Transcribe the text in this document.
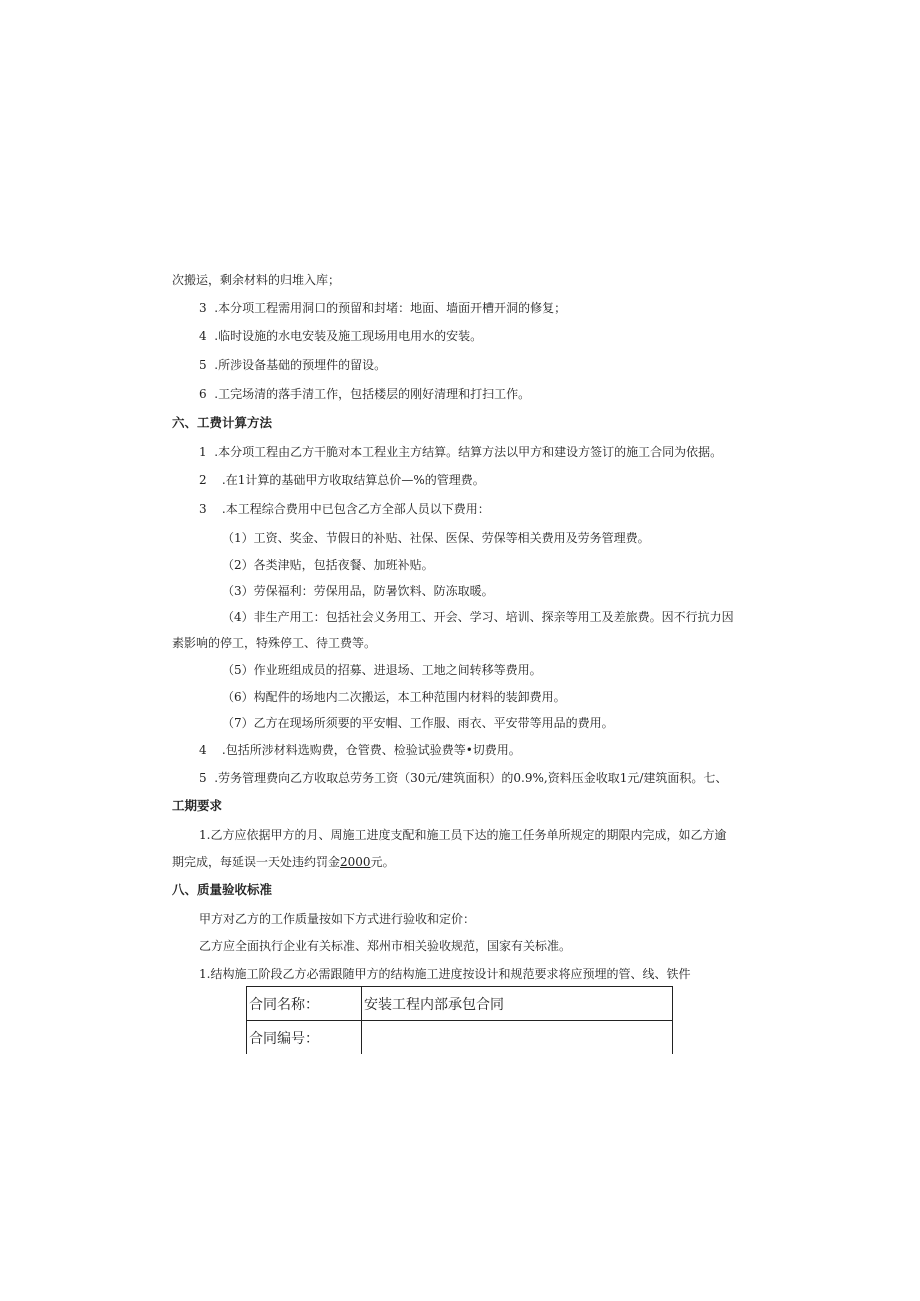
次搬运，剩余材料的归堆入库；
3 .本分项工程需用洞口的预留和封堵：地面、墙面开槽开洞的修复；
4 .临时设施的水电安装及施工现场用电用水的安装。
5 .所涉设备基础的预埋件的留设。
6 .工完场清的落手清工作，包括楼层的刚好清理和打扫工作。
六、工费计算方法
1 .本分项工程由乙方干脆对本工程业主方结算。结算方法以甲方和建设方签订的施工合同为依据。
2 .在1计算的基础甲方收取结算总价—%的管理费。
3 .本工程综合费用中已包含乙方全部人员以下费用：
（1）工资、奖金、节假日的补贴、社保、医保、劳保等相关费用及劳务管理费。
（2）各类津贴，包括夜餐、加班补贴。
（3）劳保福利：劳保用品，防暑饮料、防冻取暖。
（4）非生产用工：包括社会义务用工、开会、学习、培训、探亲等用工及差旅费。因不行抗力因
素影响的停工，特殊停工、待工费等。
（5）作业班组成员的招募、进退场、工地之间转移等费用。
（6）构配件的场地内二次搬运，本工种范围内材料的装卸费用。
（7）乙方在现场所须要的平安帽、工作服、雨衣、平安带等用品的费用。
4 .包括所涉材料选购费，仓管费、检验试验费等•切费用。
5 .劳务管理费向乙方收取总劳务工资（30元/建筑面积）的0.9%,资料压金收取1元/建筑面积。七、
工期要求
1.乙方应依据甲方的月、周施工进度支配和施工员下达的施工任务单所规定的期限内完成，如乙方逾
期完成，每延误一天处违约罚金2000元。
八、质量验收标准
甲方对乙方的工作质量按如下方式进行验收和定价：
乙方应全面执行企业有关标准、郑州市相关验收规范，国家有关标准。
1.结构施工阶段乙方必需跟随甲方的结构施工进度按设计和规范要求将应预埋的管、线、铁件
合同名称：	安装工程内部承包合同
合同编号：	
